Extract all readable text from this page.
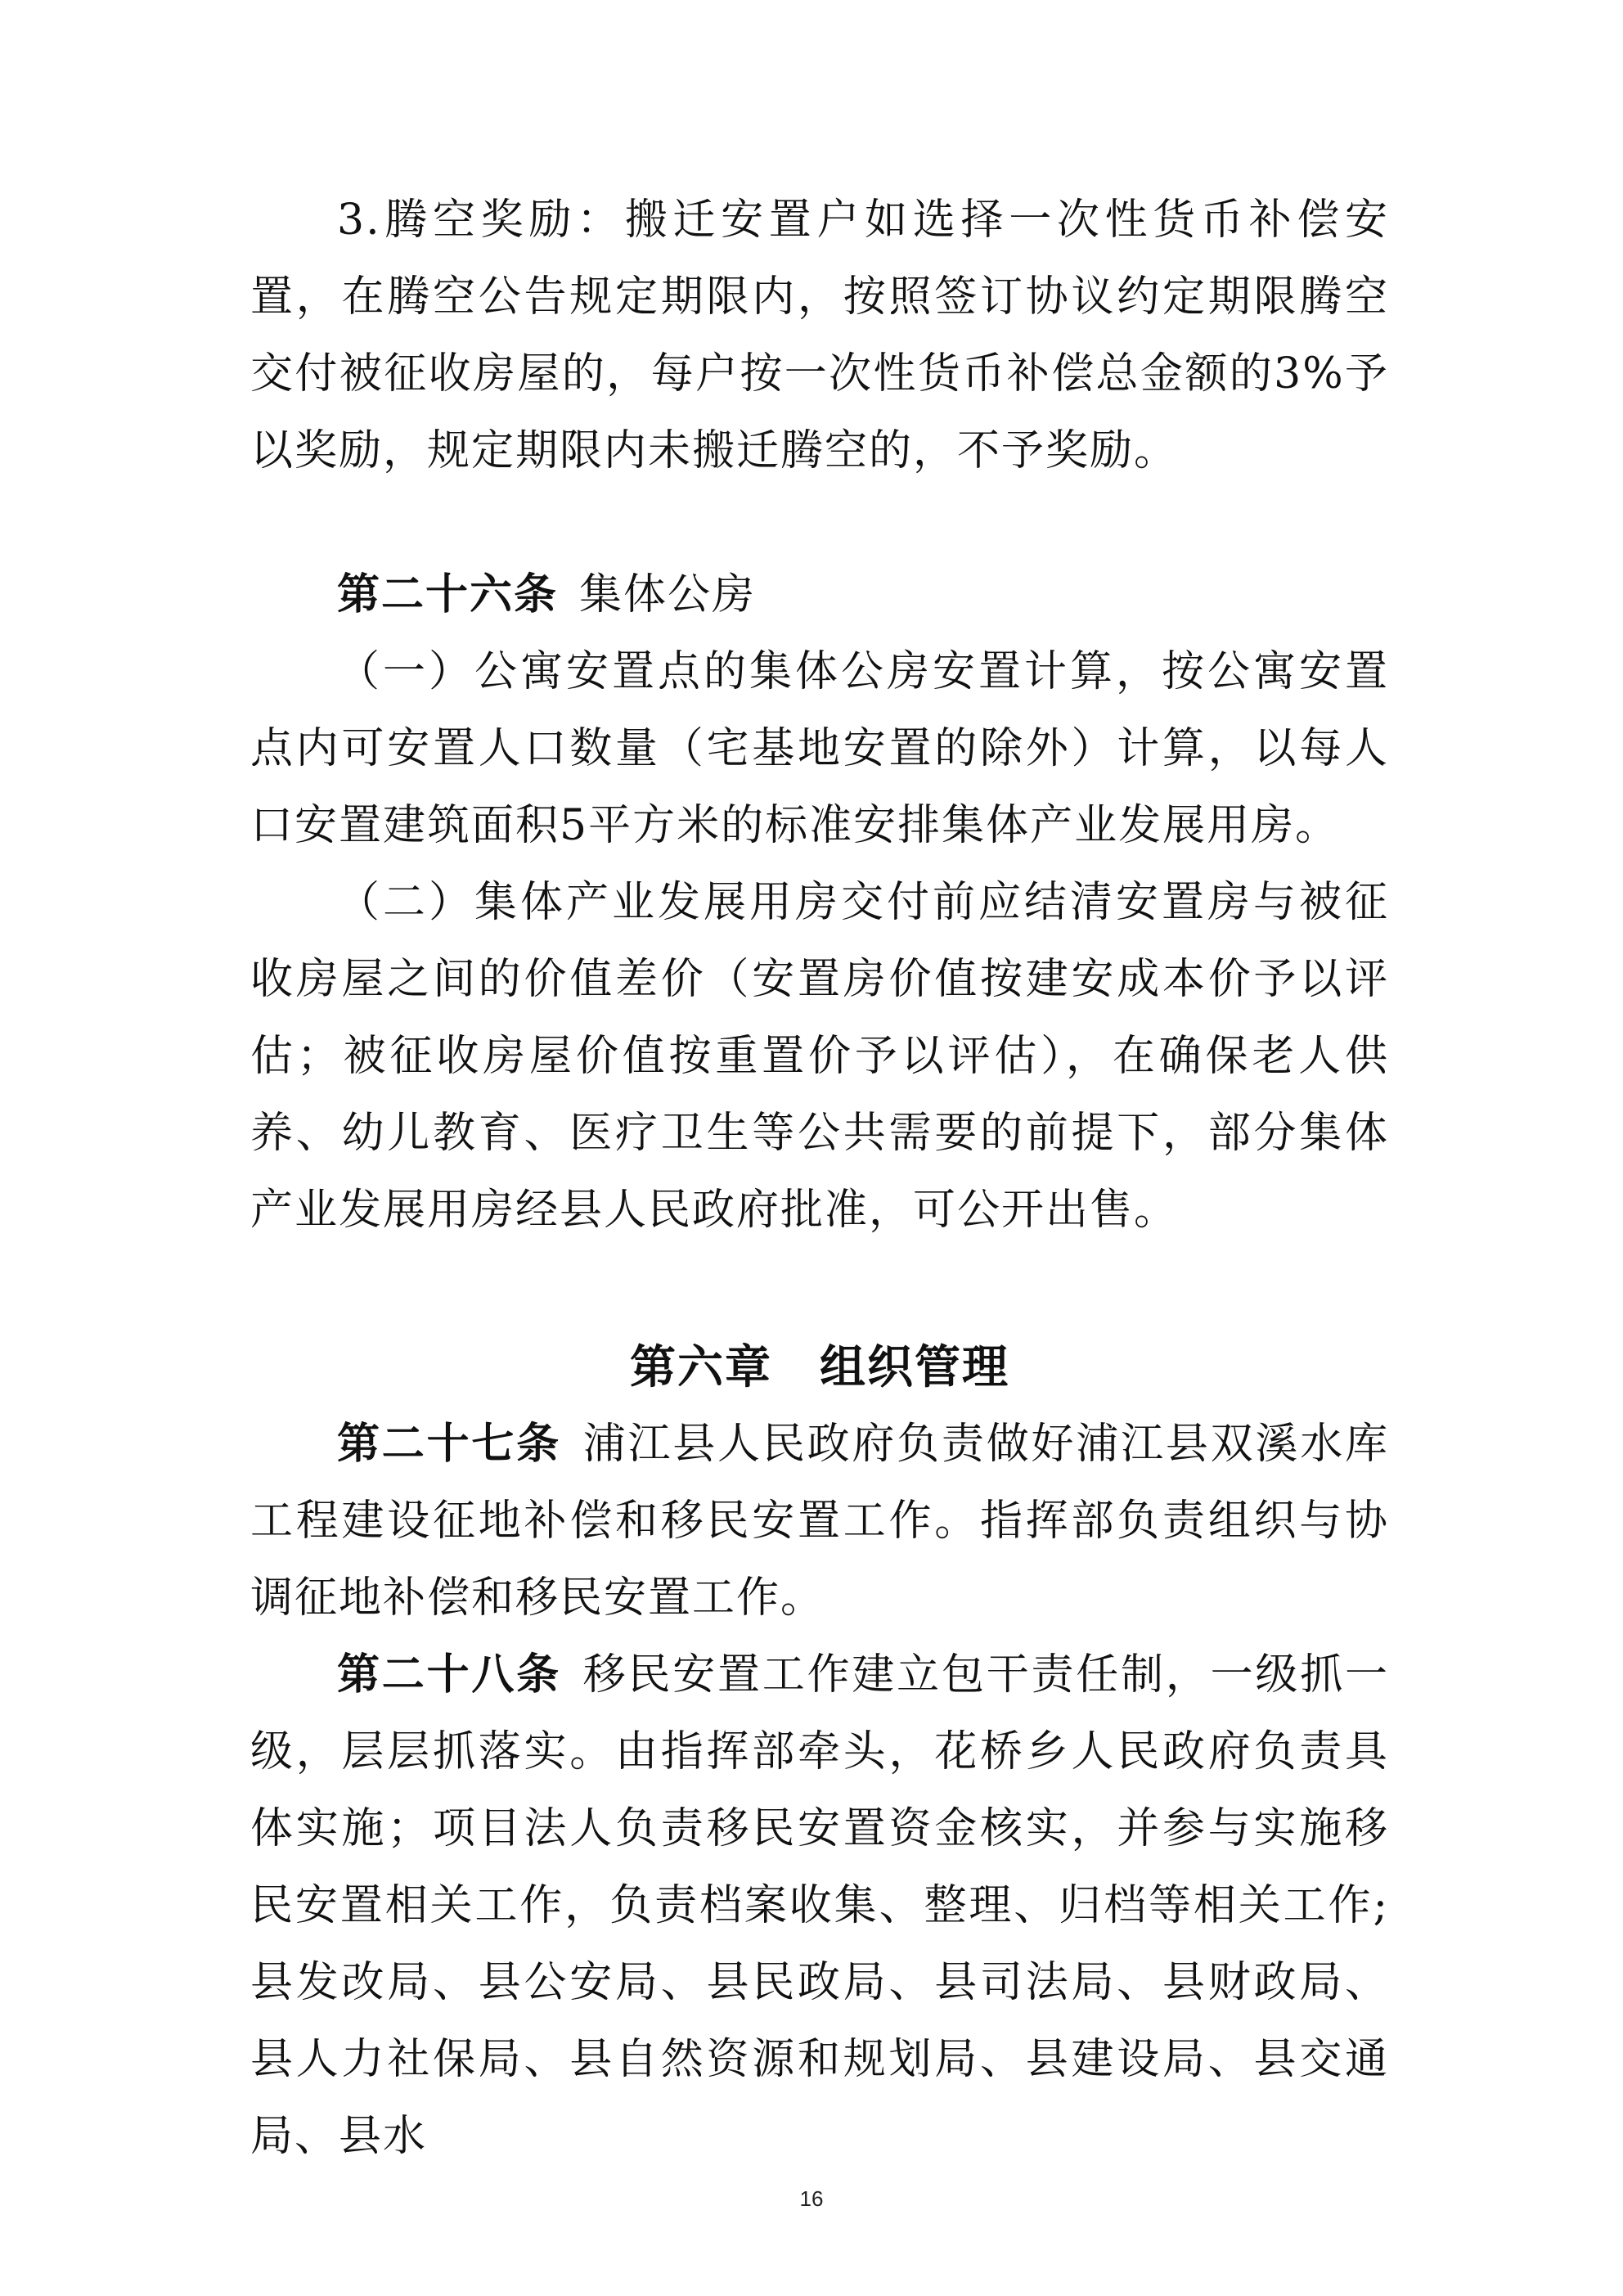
3.腾空奖励：搬迁安置户如选择一次性货币补偿安置，在腾空公告规定期限内，按照签订协议约定期限腾空交付被征收房屋的，每户按一次性货币补偿总金额的3%予以奖励，规定期限内未搬迁腾空的，不予奖励。
第二十六条 集体公房
（一）公寓安置点的集体公房安置计算，按公寓安置点内可安置人口数量（宅基地安置的除外）计算，以每人口安置建筑面积5平方米的标准安排集体产业发展用房。
（二）集体产业发展用房交付前应结清安置房与被征收房屋之间的价值差价（安置房价值按建安成本价予以评估；被征收房屋价值按重置价予以评估），在确保老人供养、幼儿教育、医疗卫生等公共需要的前提下，部分集体产业发展用房经县人民政府批准，可公开出售。
第六章　组织管理
第二十七条 浦江县人民政府负责做好浦江县双溪水库工程建设征地补偿和移民安置工作。指挥部负责组织与协调征地补偿和移民安置工作。
第二十八条 移民安置工作建立包干责任制，一级抓一级，层层抓落实。由指挥部牵头，花桥乡人民政府负责具体实施；项目法人负责移民安置资金核实，并参与实施移民安置相关工作，负责档案收集、整理、归档等相关工作;县发改局、县公安局、县民政局、县司法局、县财政局、县人力社保局、县自然资源和规划局、县建设局、县交通局、县水
16
